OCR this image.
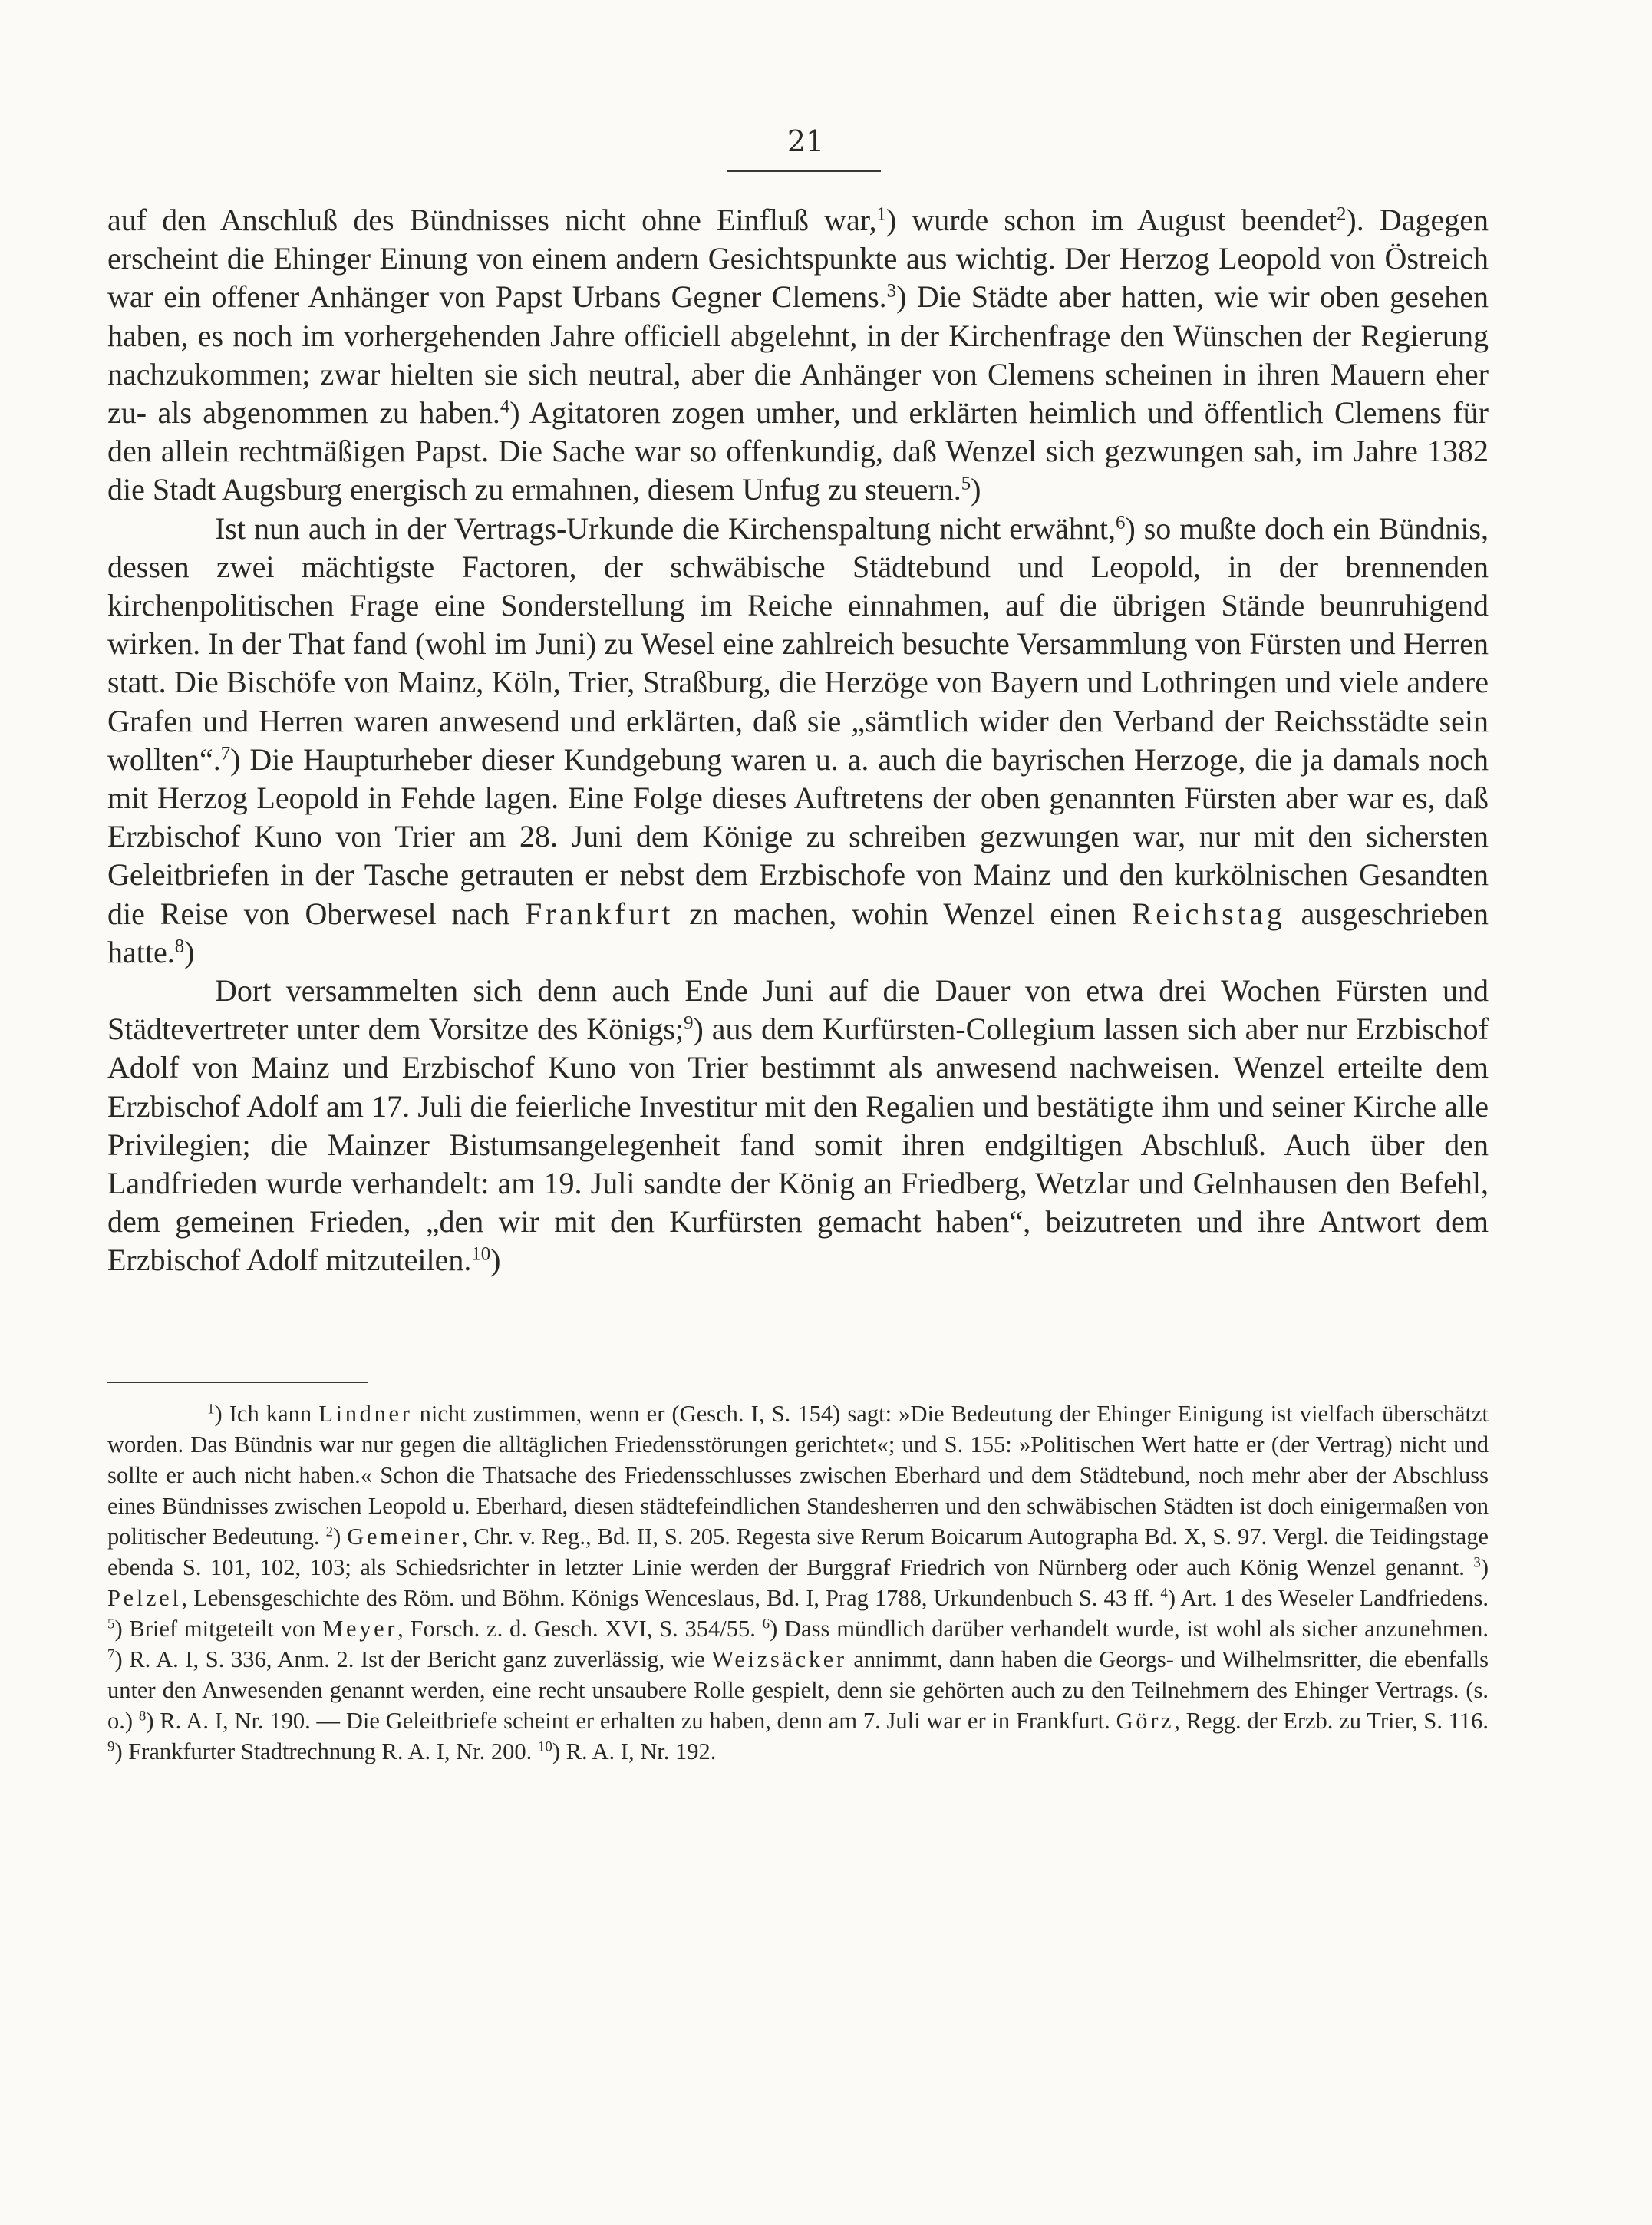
21

auf den Anschluß des Bündnisses nicht ohne Einfluß war,$^1$) wurde schon im August beendet$^2$). Dagegen erscheint die Ehinger Einung von einem andern Gesichtspunkte aus wichtig. Der Herzog Leopold von Östreich war ein offener Anhänger von Papst Urbans Gegner Clemens.$^3$) Die Städte aber hatten, wie wir oben gesehen haben, es noch im vorhergehenden Jahre officiell abgelehnt, in der Kirchenfrage den Wünschen der Regierung nachzukommen; zwar hielten sie sich neutral, aber die Anhänger von Clemens scheinen in ihren Mauern eher zu- als abgenommen zu haben.$^4$) Agitatoren zogen umher, und erklärten heimlich und öffentlich Clemens für den allein rechtmäßigen Papst. Die Sache war so offenkundig, daß Wenzel sich gezwungen sah, im Jahre 1382 die Stadt Augsburg energisch zu ermahnen, diesem Unfug zu steuern.$^5$)

Ist nun auch in der Vertrags-Urkunde die Kirchenspaltung nicht erwähnt,$^6$) so mußte doch ein Bündnis, dessen zwei mächtigste Factoren, der schwäbische Städtebund und Leopold, in der brennenden kirchenpolitischen Frage eine Sonderstellung im Reiche einnahmen, auf die übrigen Stände beunruhigend wirken. In der That fand (wohl im Juni) zu Wesel eine zahlreich besuchte Versammlung von Fürsten und Herren statt. Die Bischöfe von Mainz, Köln, Trier, Straßburg, die Herzöge von Bayern und Lothringen und viele andere Grafen und Herren waren anwesend und erklärten, daß sie „sämtlich wider den Verband der Reichsstädte sein wollten“.$^7$) Die Haupturheber dieser Kundgebung waren u. a. auch die bayrischen Herzoge, die ja damals noch mit Herzog Leopold in Fehde lagen. Eine Folge dieses Auftretens der oben genannten Fürsten aber war es, daß Erzbischof Kuno von Trier am 28. Juni dem Könige zu schreiben gezwungen war, nur mit den sichersten Geleitbriefen in der Tasche getrauten er nebst dem Erzbischofe von Mainz und den kurkölnischen Gesandten die Reise von Oberwesel nach Frankfurt zn machen, wohin Wenzel einen Reichstag ausgeschrieben hatte.$^8$)

Dort versammelten sich denn auch Ende Juni auf die Dauer von etwa drei Wochen Fürsten und Städtevertreter unter dem Vorsitze des Königs;$^9$) aus dem Kurfürsten-Collegium lassen sich aber nur Erzbischof Adolf von Mainz und Erzbischof Kuno von Trier bestimmt als anwesend nachweisen. Wenzel erteilte dem Erzbischof Adolf am 17. Juli die feierliche Investitur mit den Regalien und bestätigte ihm und seiner Kirche alle Privilegien; die Mainzer Bistumsangelegenheit fand somit ihren endgiltigen Abschluß. Auch über den Landfrieden wurde verhandelt: am 19. Juli sandte der König an Friedberg, Wetzlar und Gelnhausen den Befehl, dem gemeinen Frieden, „den wir mit den Kurfürsten gemacht haben“, beizutreten und ihre Antwort dem Erzbischof Adolf mitzuteilen.$^{10}$)

$^1$) Ich kann Lindner nicht zustimmen, wenn er (Gesch. I, S. 154) sagt: »Die Bedeutung der Ehinger Einigung ist vielfach überschätzt worden. Das Bündnis war nur gegen die alltäglichen Friedensstörungen gerichtet«; und S. 155: »Politischen Wert hatte er (der Vertrag) nicht und sollte er auch nicht haben.« Schon die Thatsache des Friedensschlusses zwischen Eberhard und dem Städtebund, noch mehr aber der Abschluss eines Bündnisses zwischen Leopold u. Eberhard, diesen städtefeindlichen Standesherren und den schwäbischen Städten ist doch einigermaßen von politischer Bedeutung. $^2$) Gemeiner, Chr. v. Reg., Bd. II, S. 205. Regesta sive Rerum Boicarum Autographa Bd. X, S. 97. Vergl. die Teidingstage ebenda S. 101, 102, 103; als Schiedsrichter in letzter Linie werden der Burggraf Friedrich von Nürnberg oder auch König Wenzel genannt. $^3$) Pelzel, Lebensgeschichte des Röm. und Böhm. Königs Wenceslaus, Bd. I, Prag 1788, Urkundenbuch S. 43 ff. $^4$) Art. 1 des Weseler Landfriedens. $^5$) Brief mitgeteilt von Meyer, Forsch. z. d. Gesch. XVI, S. 354/55. $^6$) Dass mündlich darüber verhandelt wurde, ist wohl als sicher anzunehmen. $^7$) R. A. I, S. 336, Anm. 2. Ist der Bericht ganz zuverlässig, wie Weizsäcker annimmt, dann haben die Georgs- und Wilhelmsritter, die ebenfalls unter den Anwesenden genannt werden, eine recht unsaubere Rolle gespielt, denn sie gehörten auch zu den Teilnehmern des Ehinger Vertrags. (s. o.) $^8$) R. A. I, Nr. 190. — Die Geleitbriefe scheint er erhalten zu haben, denn am 7. Juli war er in Frankfurt. Görz, Regg. der Erzb. zu Trier, S. 116. $^9$) Frankfurter Stadtrechnung R. A. I, Nr. 200. $^{10}$) R. A. I, Nr. 192.
